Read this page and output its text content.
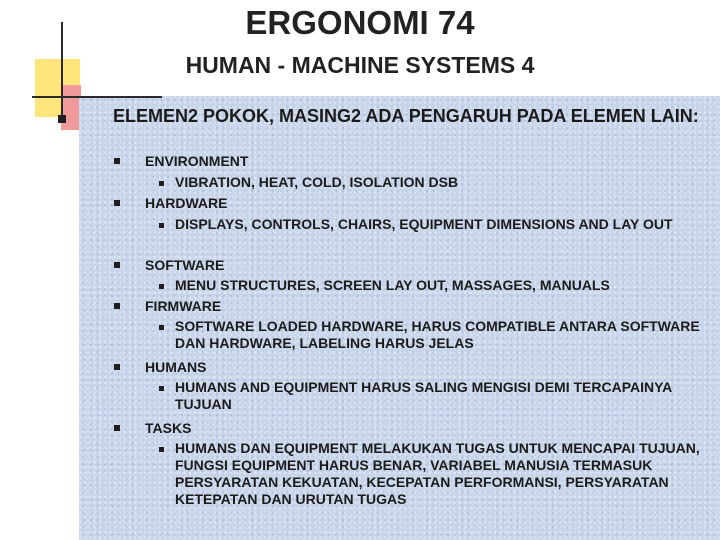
ERGONOMI 74
HUMAN - MACHINE SYSTEMS 4
ELEMEN2 POKOK, MASING2 ADA PENGARUH PADA ELEMEN LAIN:
ENVIRONMENT
VIBRATION, HEAT, COLD, ISOLATION DSB
HARDWARE
DISPLAYS, CONTROLS, CHAIRS, EQUIPMENT DIMENSIONS AND LAY OUT
SOFTWARE
MENU STRUCTURES, SCREEN LAY OUT, MASSAGES, MANUALS
FIRMWARE
SOFTWARE LOADED HARDWARE, HARUS COMPATIBLE ANTARA SOFTWARE DAN HARDWARE, LABELING HARUS JELAS
HUMANS
HUMANS AND EQUIPMENT HARUS SALING MENGISI DEMI TERCAPAINYA TUJUAN
TASKS
HUMANS DAN EQUIPMENT MELAKUKAN TUGAS UNTUK MENCAPAI TUJUAN, FUNGSI EQUIPMENT HARUS BENAR, VARIABEL MANUSIA TERMASUK PERSYARATAN KEKUATAN, KECEPATAN PERFORMANSI, PERSYARATAN KETEPATAN DAN URUTAN TUGAS
